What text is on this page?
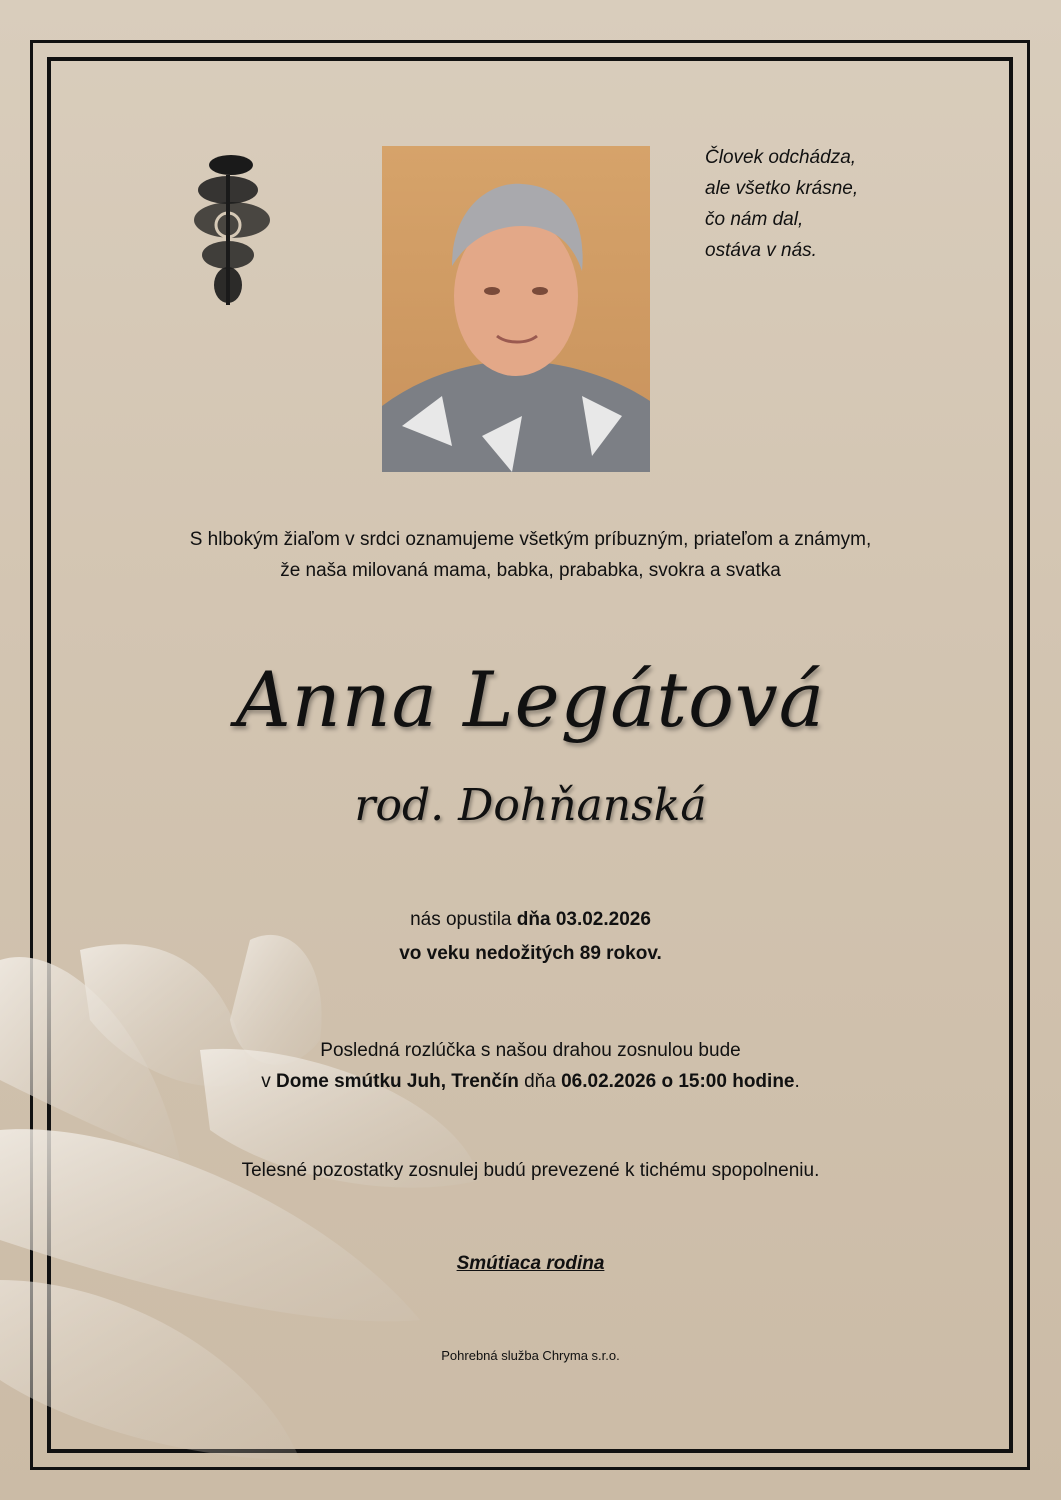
Človek odchádza,
ale všetko krásne,
čo nám dal,
ostáva v nás.
S hlbokým žiaľom v srdci oznamujeme všetkým príbuzným, priateľom a známym,
že naša milovaná mama, babka, prababka, svokra a svatka
Anna Legátová
rod. Dohňanská
nás opustila dňa 03.02.2026
vo veku nedožitých 89 rokov.
Posledná rozlúčka s našou drahou zosnulou bude
v Dome smútku Juh, Trenčín dňa 06.02.2026 o 15:00 hodine.
Telesné pozostatky zosnulej budú prevezené k tichému spopolneniu.
Smútiaca rodina
Pohrebná služba Chryma s.r.o.
